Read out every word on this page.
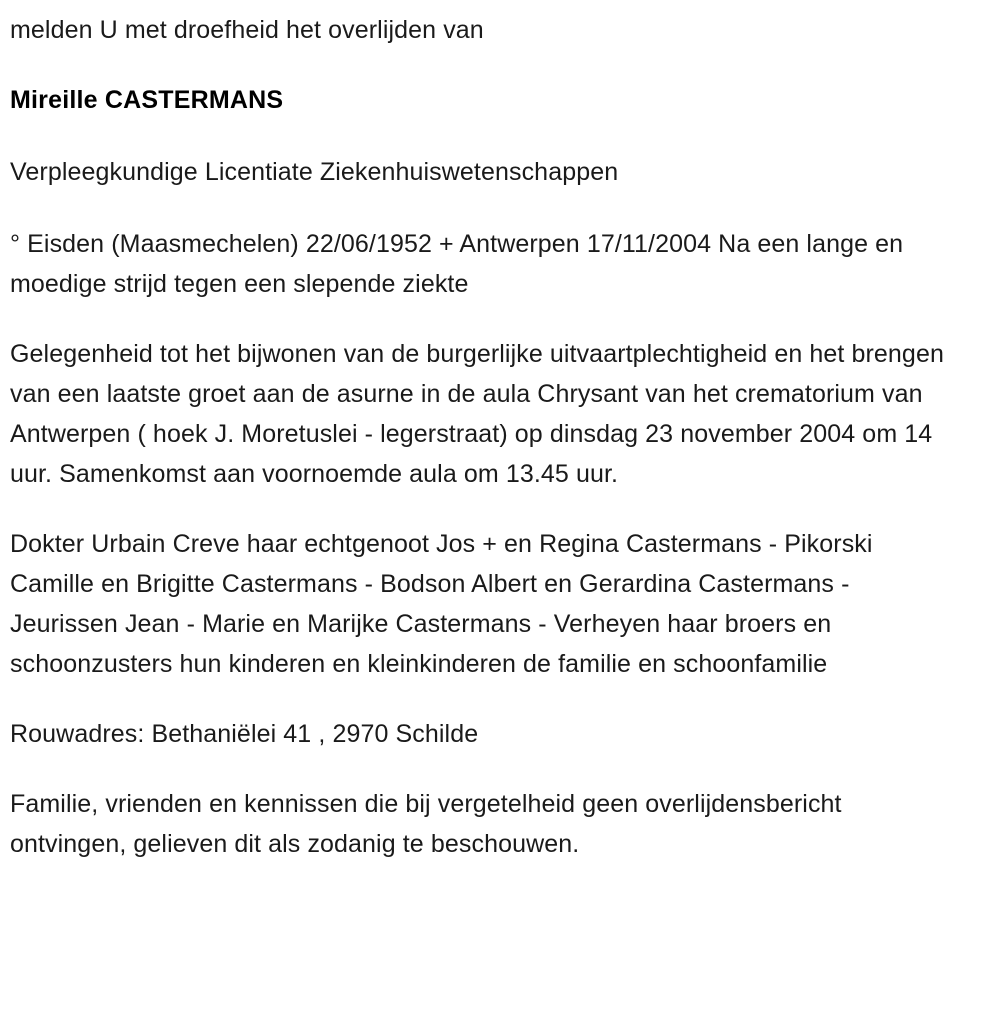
melden U met droefheid het overlijden van

Mireille CASTERMANS

Verpleegkundige Licentiate Ziekenhuiswetenschappen

° Eisden (Maasmechelen) 22/06/1952 + Antwerpen 17/11/2004 Na een lange en moedige strijd tegen een slepende ziekte

Gelegenheid tot het bijwonen van de burgerlijke uitvaartplechtigheid en het brengen van een laatste groet aan de asurne in de aula Chrysant van het crematorium van Antwerpen ( hoek J. Moretuslei - legerstraat) op dinsdag 23 november 2004 om 14 uur. Samenkomst aan voornoemde aula om 13.45 uur.

Dokter Urbain Creve haar echtgenoot Jos + en Regina Castermans - Pikorski Camille en Brigitte Castermans - Bodson Albert en Gerardina Castermans - Jeurissen Jean - Marie en Marijke Castermans - Verheyen haar broers en schoonzusters hun kinderen en kleinkinderen de familie en schoonfamilie

Rouwadres: Bethaniëlei 41 , 2970 Schilde

Familie, vrienden en kennissen die bij vergetelheid geen overlijdensbericht ontvingen, gelieven dit als zodanig te beschouwen.
